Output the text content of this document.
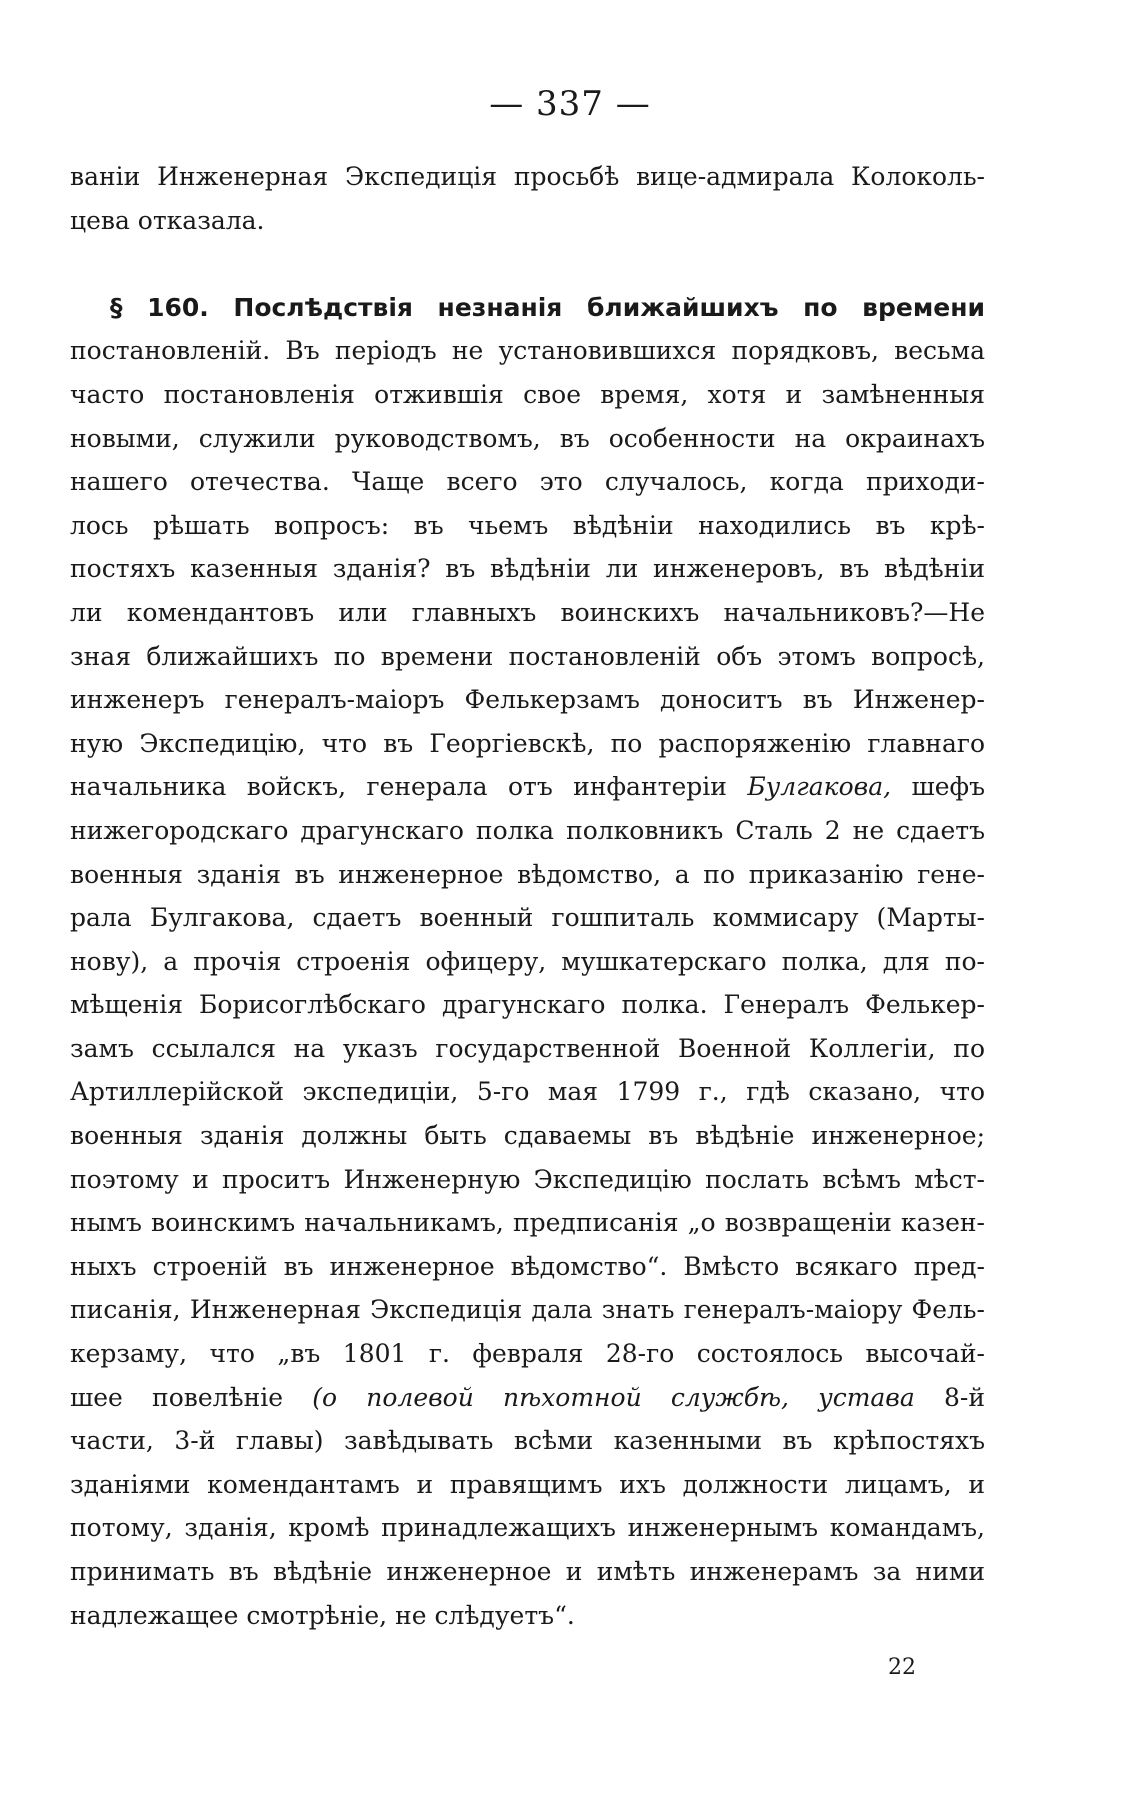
— 337 —
ваніи Инженерная Экспедиція просьбѣ вице-адмирала Колоколь-
цева отказала.
§ 160. Послѣдствія незнанія ближайшихъ по времени
постановленій. Въ періодъ не установившихся порядковъ, весьма
часто постановленія отжившія свое время, хотя и замѣненныя
новыми, служили руководствомъ, въ особенности на окраинахъ
нашего отечества. Чаще всего это случалось, когда приходи-
лось рѣшать вопросъ: въ чьемъ вѣдѣніи находились въ крѣ-
постяхъ казенныя зданія? въ вѣдѣніи ли инженеровъ, въ вѣдѣніи
ли комендантовъ или главныхъ воинскихъ начальниковъ?—Не
зная ближайшихъ по времени постановленій объ этомъ вопросѣ,
инженеръ генералъ-маіоръ Фелькерзамъ доноситъ въ Инженер-
ную Экспедицію, что въ Георгіевскѣ, по распоряженію главнаго
начальника войскъ, генерала отъ инфантеріи Булгакова, шефъ
нижегородскаго драгунскаго полка полковникъ Сталь 2 не сдаетъ
военныя зданія въ инженерное вѣдомство, а по приказанію гене-
рала Булгакова, сдаетъ военный гошпиталь коммисару (Марты-
нову), а прочія строенія офицеру, мушкатерскаго полка, для по-
мѣщенія Борисоглѣбскаго драгунскаго полка. Генералъ Фелькер-
замъ ссылался на указъ государственной Военной Коллегіи, по
Артиллерійской экспедиціи, 5-го мая 1799 г., гдѣ сказано, что
военныя зданія должны быть сдаваемы въ вѣдѣніе инженерное;
поэтому и проситъ Инженерную Экспедицію послать всѣмъ мѣст-
нымъ воинскимъ начальникамъ, предписанія „о возвращеніи казен-
ныхъ строеній въ инженерное вѣдомство“. Вмѣсто всякаго пред-
писанія, Инженерная Экспедиція дала знать генералъ-маіору Фель-
керзаму, что „въ 1801 г. февраля 28-го состоялось высочай-
шее повелѣніе (о полевой пѣхотной службѣ, устава 8-й
части, 3-й главы) завѣдывать всѣми казенными въ крѣпостяхъ
зданіями комендантамъ и правящимъ ихъ должности лицамъ, и
потому, зданія, кромѣ принадлежащихъ инженернымъ командамъ,
принимать въ вѣдѣніе инженерное и имѣть инженерамъ за ними
надлежащее смотрѣніе, не слѣдуетъ“.
22
